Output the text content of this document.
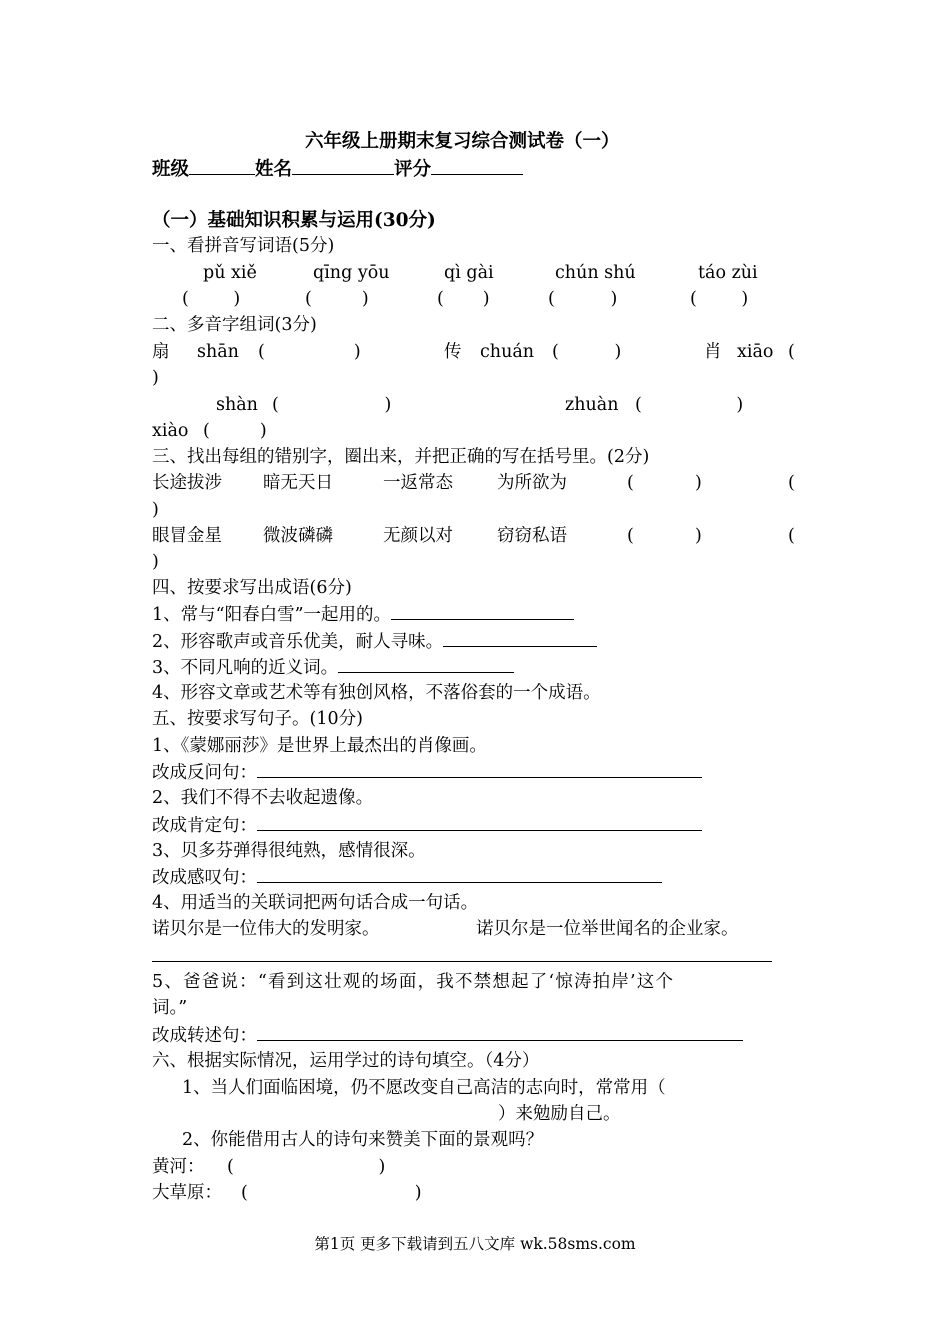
六年级上册期末复习综合测试卷（一）
班级	姓名	评分
（一）基础知识积累与运用(30分)
一、看拼音写词语(5分)
pǔ xiě	qīng yōu	qì gài	chún shú	táo zùi
(        )	(         )	(       )	(          )	(        )
二、多音字组词(3分)
扇 shān (                )	传 chuán (          )	肖 xiāo (
)
shàn (                   )	zhuàn (                 )
xiào (         )
三、找出每组的错别字，圈出来，并把正确的写在括号里。(2分)
长途拔涉 暗无天日	一返常态	为所欲为	(           )	(
)
眼冒金星 微波磷磷	无颜以对	窃窃私语	(           )	(
)
四、按要求写出成语(6分)
1、常与“阳春白雪”一起用的。
2、形容歌声或音乐优美，耐人寻味。
3、不同凡响的近义词。
4、形容文章或艺术等有独创风格，不落俗套的一个成语。
五、按要求写句子。(10分)
1、《蒙娜丽莎》是世界上最杰出的肖像画。
改成反问句：
2、我们不得不去收起遗像。
改成肯定句：
3、贝多芬弹得很纯熟，感情很深。
改成感叹句：
4、用适当的关联词把两句话合成一句话。
诺贝尔是一位伟大的发明家。	诺贝尔是一位举世闻名的企业家。
5、爸爸说：“看到这壮观的场面，我不禁想起了‘惊涛拍岸’这个
词。”
改成转述句：
六、根据实际情况，运用学过的诗句填空。（4分）
1、当人们面临困境，仍不愿改变自己高洁的志向时，常常用（
）来勉励自己。
2、你能借用古人的诗句来赞美下面的景观吗？
黄河： (                          )
大草原： (                              )
第1页 更多下载请到五八文库 wk.58sms.com
